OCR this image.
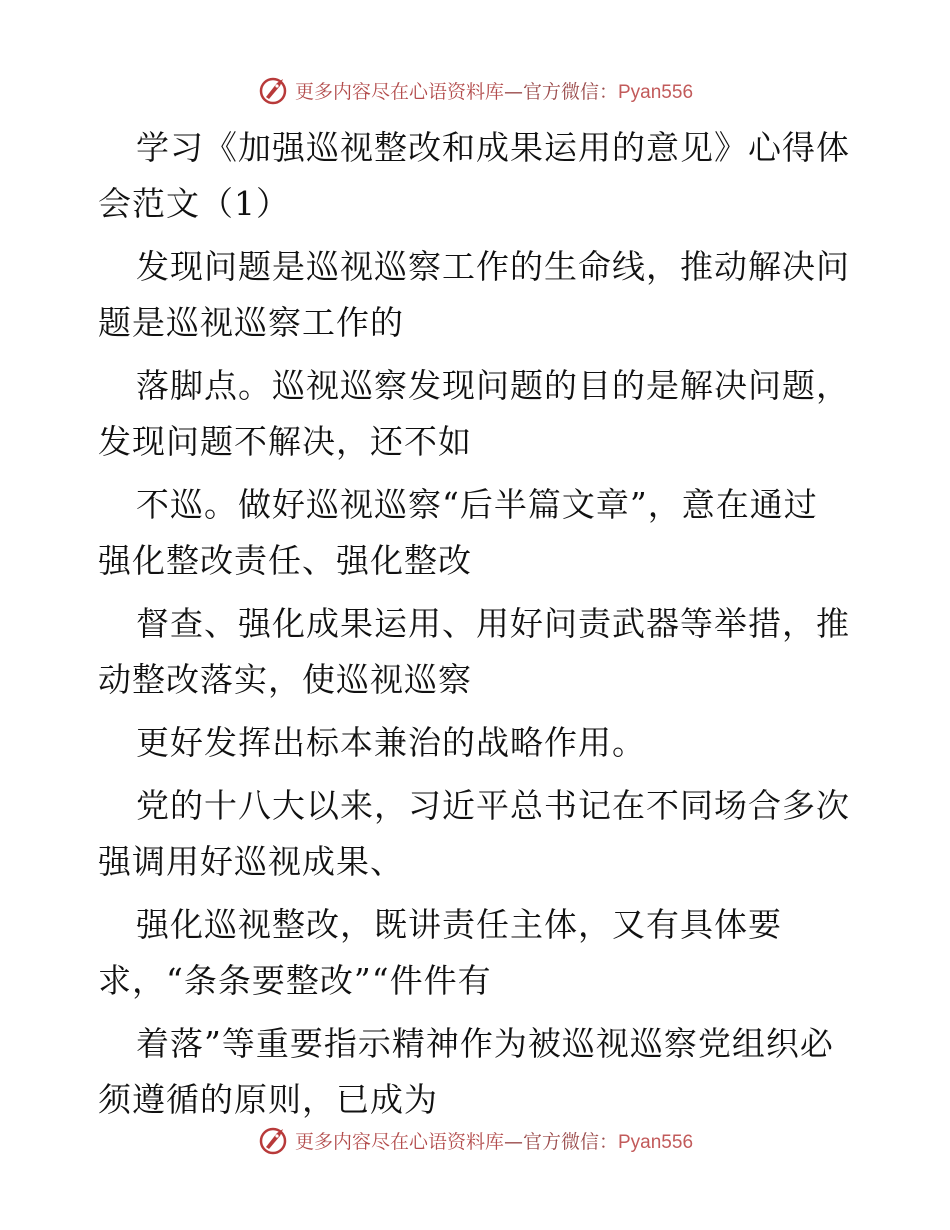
更多内容尽在心语资料库—官方微信：Pyan556
学习《加强巡视整改和成果运用的意见》心得体
会范文（1）
发现问题是巡视巡察工作的生命线，推动解决问
题是巡视巡察工作的
落脚点。巡视巡察发现问题的目的是解决问题，
发现问题不解决，还不如
不巡。做好巡视巡察“后半篇文章”，意在通过
强化整改责任、强化整改
督查、强化成果运用、用好问责武器等举措，推
动整改落实，使巡视巡察
更好发挥出标本兼治的战略作用。
党的十八大以来，习近平总书记在不同场合多次
强调用好巡视成果、
强化巡视整改，既讲责任主体，又有具体要
求，“条条要整改”“件件有
着落”等重要指示精神作为被巡视巡察党组织必
须遵循的原则，已成为
更多内容尽在心语资料库—官方微信：Pyan556
